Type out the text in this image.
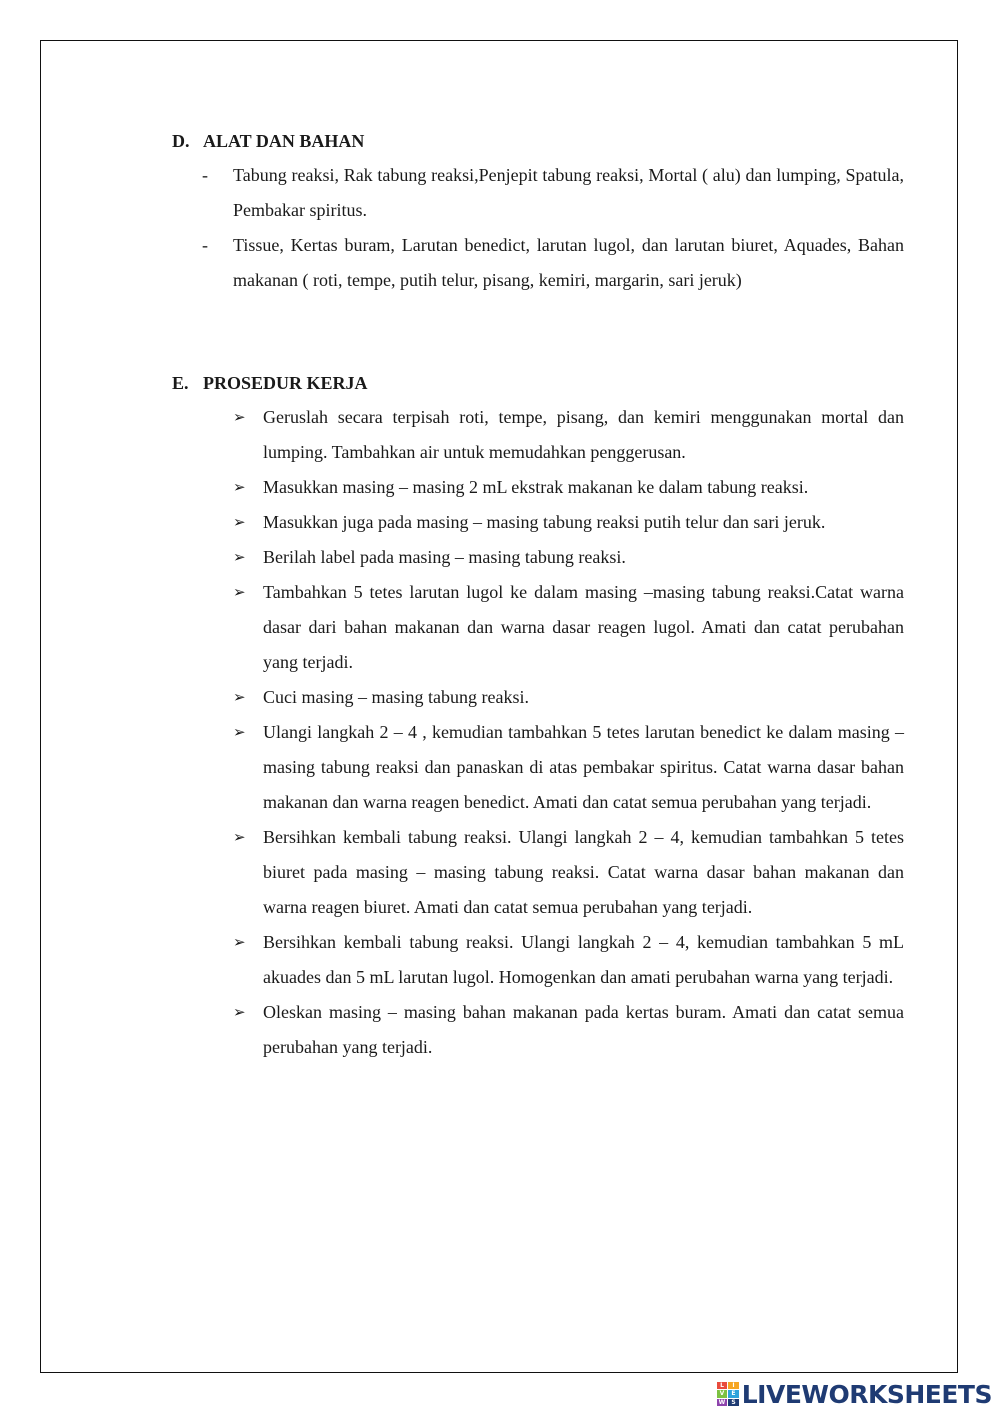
D. ALAT DAN BAHAN
- Tabung reaksi, Rak tabung reaksi,Penjepit tabung reaksi, Mortal ( alu) dan lumping, Spatula, Pembakar spiritus.
- Tissue, Kertas buram, Larutan benedict, larutan lugol, dan larutan biuret, Aquades, Bahan makanan ( roti, tempe, putih telur, pisang, kemiri, margarin, sari jeruk)
E. PROSEDUR KERJA
➢ Geruslah secara terpisah roti, tempe, pisang, dan kemiri menggunakan mortal dan lumping. Tambahkan air untuk memudahkan penggerusan.
➢ Masukkan masing – masing 2 mL ekstrak makanan ke dalam tabung reaksi.
➢ Masukkan juga pada masing – masing tabung reaksi putih telur dan sari jeruk.
➢ Berilah label pada masing – masing tabung reaksi.
➢ Tambahkan 5 tetes larutan lugol ke dalam masing –masing tabung reaksi.Catat warna dasar dari bahan makanan dan warna dasar reagen lugol. Amati dan catat perubahan yang terjadi.
➢ Cuci masing – masing tabung reaksi.
➢ Ulangi langkah 2 – 4 , kemudian tambahkan 5 tetes larutan benedict ke dalam masing – masing tabung reaksi dan panaskan di atas pembakar spiritus. Catat warna dasar bahan makanan dan warna reagen benedict. Amati dan catat semua perubahan yang terjadi.
➢ Bersihkan kembali tabung reaksi. Ulangi langkah 2 – 4, kemudian tambahkan 5 tetes biuret pada masing – masing tabung reaksi. Catat warna dasar bahan makanan dan warna reagen biuret. Amati dan catat semua perubahan yang terjadi.
➢ Bersihkan kembali tabung reaksi. Ulangi langkah 2 – 4, kemudian tambahkan 5 mL akuades dan 5 mL larutan lugol. Homogenkan dan amati perubahan warna yang terjadi.
➢ Oleskan masing – masing bahan makanan pada kertas buram. Amati dan catat semua perubahan yang terjadi.
L	I
V	E
W	S LIVEWORKSHEETS
